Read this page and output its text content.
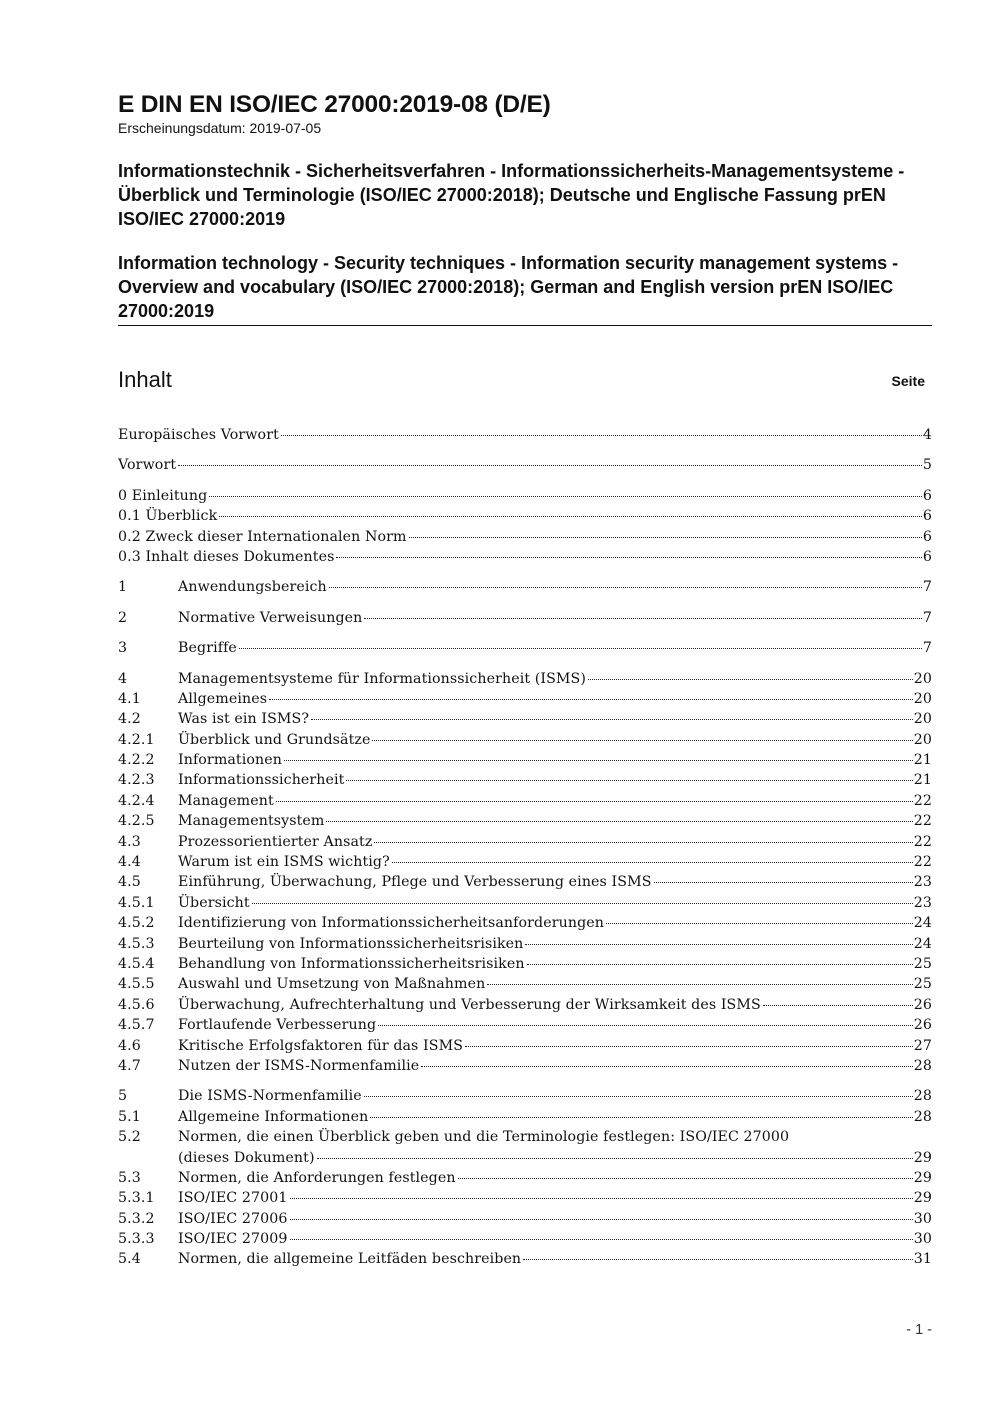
E DIN EN ISO/IEC 27000:2019-08 (D/E)

Erscheinungsdatum: 2019-07-05

Informationstechnik - Sicherheitsverfahren - Informationssicherheits-Managementsysteme - Überblick und Terminologie (ISO/IEC 27000:2018); Deutsche und Englische Fassung prEN ISO/IEC 27000:2019

Information technology - Security techniques - Information security management systems - Overview and vocabulary (ISO/IEC 27000:2018); German and English version prEN ISO/IEC 27000:2019

Inhalt	Seite
Europäisches Vorwort	4
Vorwort	5
0 Einleitung	6
0.1 Überblick	6
0.2 Zweck dieser Internationalen Norm	6
0.3 Inhalt dieses Dokumentes	6
1	Anwendungsbereich	7
2	Normative Verweisungen	7
3	Begriffe	7
4	Managementsysteme für Informationssicherheit (ISMS)	20
4.1	Allgemeines	20
4.2	Was ist ein ISMS?	20
4.2.1	Überblick und Grundsätze	20
4.2.2	Informationen	21
4.2.3	Informationssicherheit	21
4.2.4	Management	22
4.2.5	Managementsystem	22
4.3	Prozessorientierter Ansatz	22
4.4	Warum ist ein ISMS wichtig?	22
4.5	Einführung, Überwachung, Pflege und Verbesserung eines ISMS	23
4.5.1	Übersicht	23
4.5.2	Identifizierung von Informationssicherheitsanforderungen	24
4.5.3	Beurteilung von Informationssicherheitsrisiken	24
4.5.4	Behandlung von Informationssicherheitsrisiken	25
4.5.5	Auswahl und Umsetzung von Maßnahmen	25
4.5.6	Überwachung, Aufrechterhaltung und Verbesserung der Wirksamkeit des ISMS	26
4.5.7	Fortlaufende Verbesserung	26
4.6	Kritische Erfolgsfaktoren für das ISMS	27
4.7	Nutzen der ISMS-Normenfamilie	28
5	Die ISMS-Normenfamilie	28
5.1	Allgemeine Informationen	28
5.2	Normen, die einen Überblick geben und die Terminologie festlegen: ISO/IEC 27000
(dieses Dokument)	29
5.3	Normen, die Anforderungen festlegen	29
5.3.1	ISO/IEC 27001	29
5.3.2	ISO/IEC 27006	30
5.3.3	ISO/IEC 27009	30
5.4	Normen, die allgemeine Leitfäden beschreiben	31
- 1 -
